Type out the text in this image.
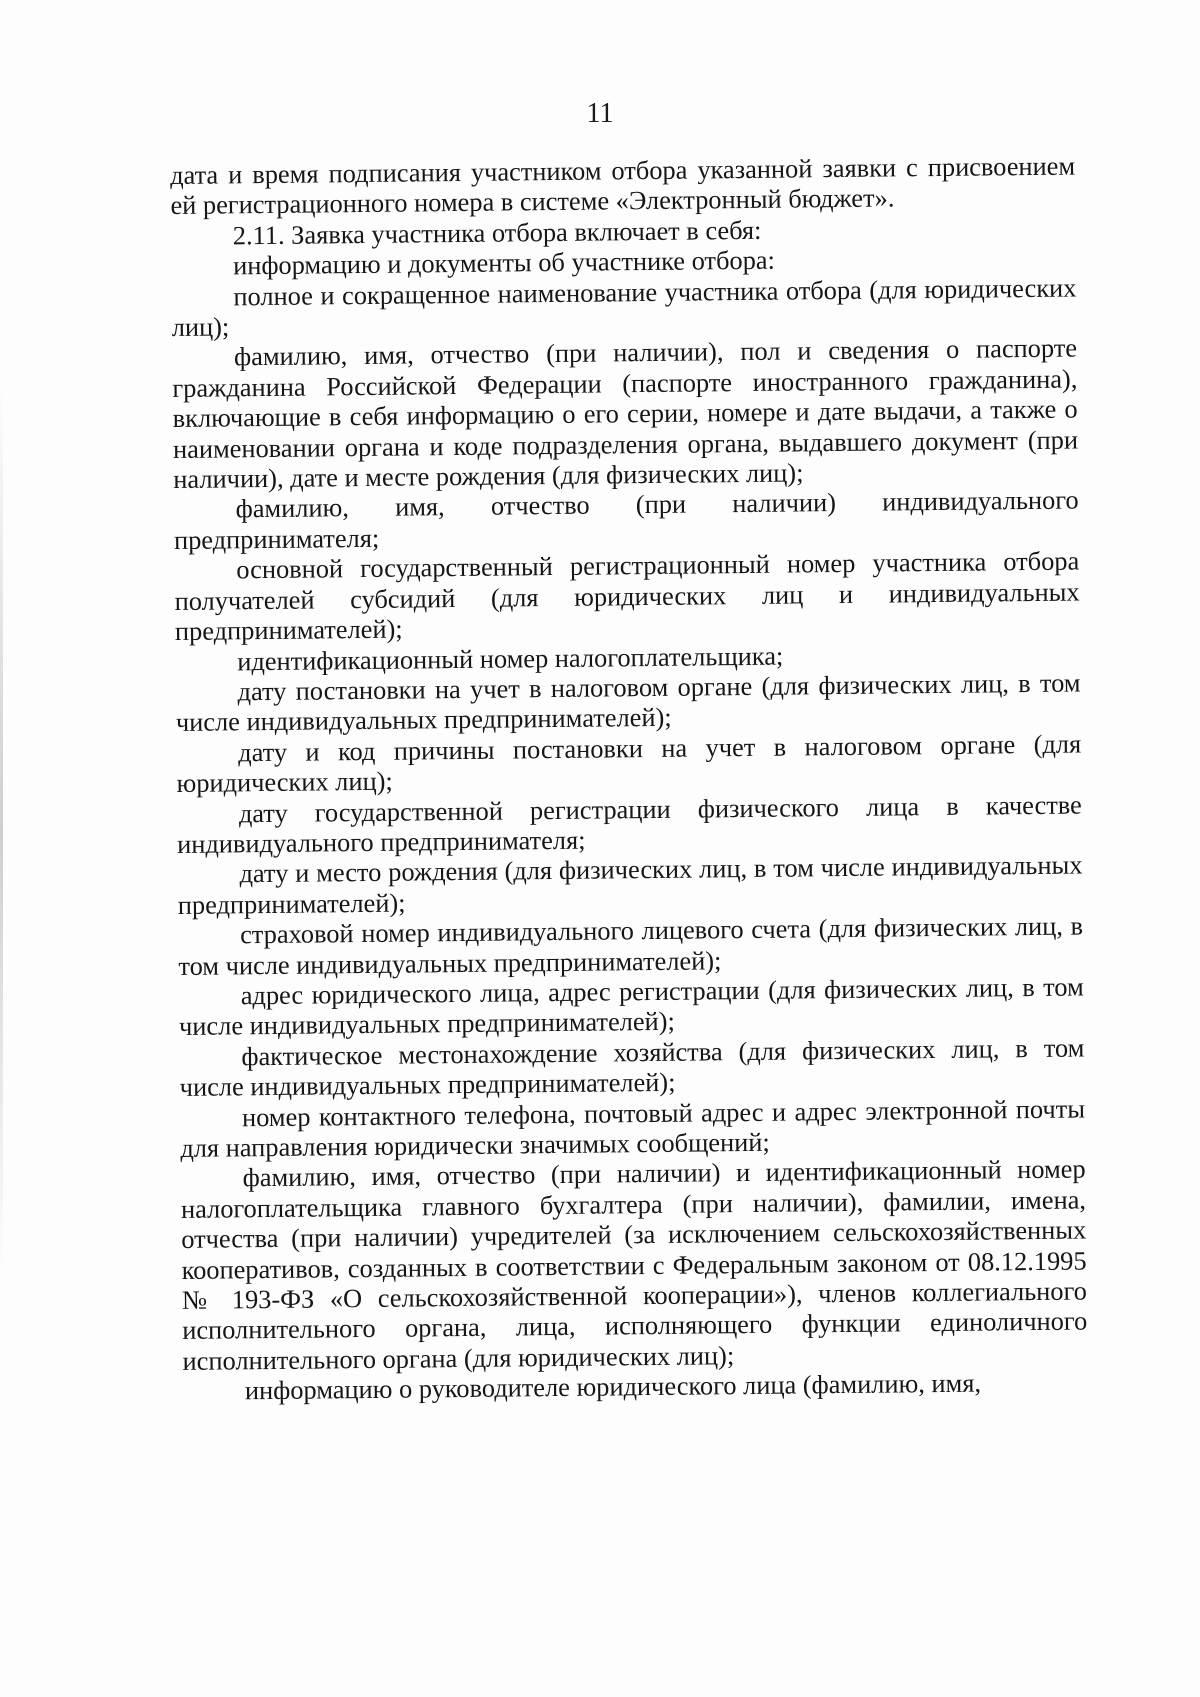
11

дата и время подписания участником отбора указанной заявки с присвоением ей регистрационного номера в системе «Электронный бюджет».

2.11. Заявка участника отбора включает в себя:

информацию и документы об участнике отбора:

полное и сокращенное наименование участника отбора (для юридических лиц);

фамилию, имя, отчество (при наличии), пол и сведения о паспорте гражданина Российской Федерации (паспорте иностранного гражданина), включающие в себя информацию о его серии, номере и дате выдачи, а также о наименовании органа и коде подразделения органа, выдавшего документ (при наличии), дате и месте рождения (для физических лиц);

фамилию, имя, отчество (при наличии) индивидуального предпринимателя;

основной государственный регистрационный номер участника отбора получателей субсидий (для юридических лиц и индивидуальных предпринимателей);

идентификационный номер налогоплательщика;

дату постановки на учет в налоговом органе (для физических лиц, в том числе индивидуальных предпринимателей);

дату и код причины постановки на учет в налоговом органе (для юридических лиц);

дату государственной регистрации физического лица в качестве индивидуального предпринимателя;

дату и место рождения (для физических лиц, в том числе индивидуальных предпринимателей);

страховой номер индивидуального лицевого счета (для физических лиц, в том числе индивидуальных предпринимателей);

адрес юридического лица, адрес регистрации (для физических лиц, в том числе индивидуальных предпринимателей);

фактическое местонахождение хозяйства (для физических лиц, в том числе индивидуальных предпринимателей);

номер контактного телефона, почтовый адрес и адрес электронной почты для направления юридически значимых сообщений;

фамилию, имя, отчество (при наличии) и идентификационный номер налогоплательщика главного бухгалтера (при наличии), фамилии, имена, отчества (при наличии) учредителей (за исключением сельскохозяйственных кооперативов, созданных в соответствии с Федеральным законом от 08.12.1995 № 193-ФЗ «О сельскохозяйственной кооперации»), членов коллегиального исполнительного органа, лица, исполняющего функции единоличного исполнительного органа (для юридических лиц);

информацию о руководителе юридического лица (фамилию, имя,
